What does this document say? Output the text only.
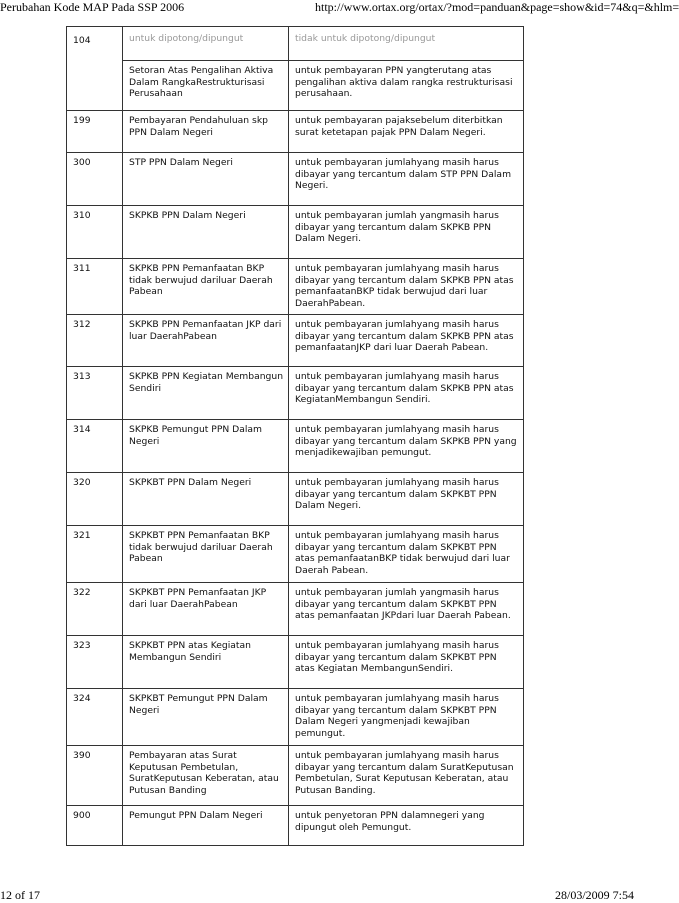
Perubahan Kode MAP Pada SSP 2006	http://www.ortax.org/ortax/?mod=panduan&page=show&id=74&q=&hlm=
104	untuk dipotong/dipungut	tidak untuk dipotong/dipungut
	Setoran Atas Pengalihan Aktiva Dalam RangkaRestrukturisasi Perusahaan	untuk pembayaran PPN yangterutang atas pengalihan aktiva dalam rangka restrukturisasi perusahaan.
199	Pembayaran Pendahuluan skp PPN Dalam Negeri	untuk pembayaran pajaksebelum diterbitkan surat ketetapan pajak PPN Dalam Negeri.
300	STP PPN Dalam Negeri	untuk pembayaran jumlahyang masih harus dibayar yang tercantum dalam STP PPN Dalam Negeri.
310	SKPKB PPN Dalam Negeri	untuk pembayaran jumlah yangmasih harus dibayar yang tercantum dalam SKPKB PPN Dalam Negeri.
311	SKPKB PPN Pemanfaatan BKP tidak berwujud dariluar Daerah Pabean	untuk pembayaran jumlahyang masih harus dibayar yang tercantum dalam SKPKB PPN atas pemanfaatanBKP tidak berwujud dari luar DaerahPabean.
312	SKPKB PPN Pemanfaatan JKP dari luar DaerahPabean	untuk pembayaran jumlahyang masih harus dibayar yang tercantum dalam SKPKB PPN atas pemanfaatanJKP dari luar Daerah Pabean.
313	SKPKB PPN Kegiatan Membangun Sendiri	untuk pembayaran jumlahyang masih harus dibayar yang tercantum dalam SKPKB PPN atas KegiatanMembangun Sendiri.
314	SKPKB Pemungut PPN Dalam Negeri	untuk pembayaran jumlahyang masih harus dibayar yang tercantum dalam SKPKB PPN yang menjadikewajiban pemungut.
320	SKPKBT PPN Dalam Negeri	untuk pembayaran jumlahyang masih harus dibayar yang tercantum dalam SKPKBT PPN Dalam Negeri.
321	SKPKBT PPN Pemanfaatan BKP tidak berwujud dariluar Daerah Pabean	untuk pembayaran jumlahyang masih harus dibayar yang tercantum dalam SKPKBT PPN atas pemanfaatanBKP tidak berwujud dari luar Daerah Pabean.
322	SKPKBT PPN Pemanfaatan JKP dari luar DaerahPabean	untuk pembayaran jumlah yangmasih harus dibayar yang tercantum dalam SKPKBT PPN atas pemanfaatan JKPdari luar Daerah Pabean.
323	SKPKBT PPN atas Kegiatan Membangun Sendiri	untuk pembayaran jumlahyang masih harus dibayar yang tercantum dalam SKPKBT PPN atas Kegiatan MembangunSendiri.
324	SKPKBT Pemungut PPN Dalam Negeri	untuk pembayaran jumlahyang masih harus dibayar yang tercantum dalam SKPKBT PPN Dalam Negeri yangmenjadi kewajiban pemungut.
390	Pembayaran atas Surat Keputusan Pembetulan, SuratKeputusan Keberatan, atau Putusan Banding	untuk pembayaran jumlahyang masih harus dibayar yang tercantum dalam SuratKeputusan Pembetulan, Surat Keputusan Keberatan, atau Putusan Banding.
900	Pemungut PPN Dalam Negeri	untuk penyetoran PPN dalamnegeri yang dipungut oleh Pemungut.
12 of 17	28/03/2009 7:54
